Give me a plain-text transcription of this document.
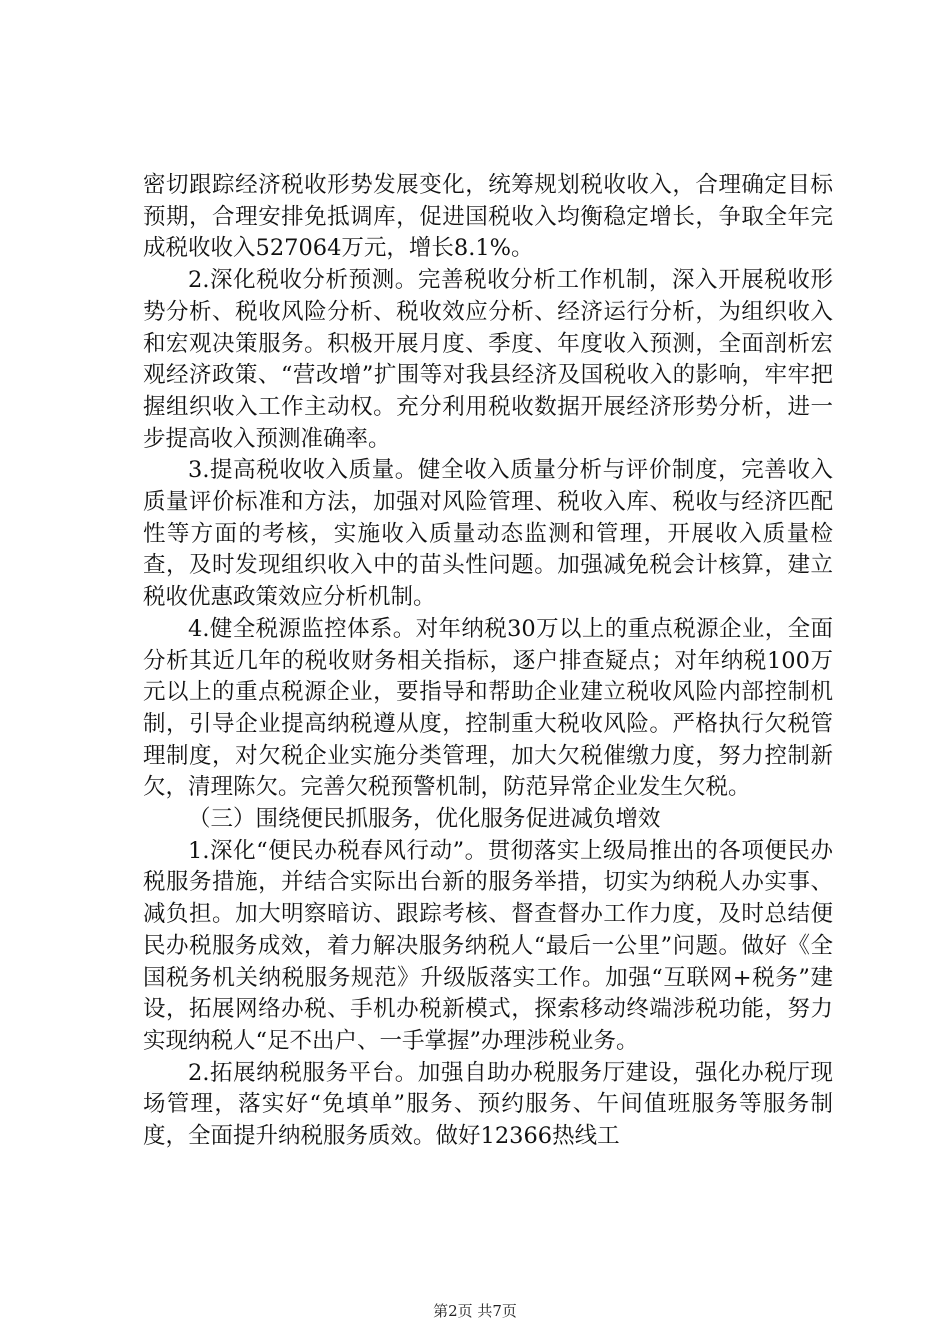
密切跟踪经济税收形势发展变化，统筹规划税收收入，合理确定目标预期，合理安排免抵调库，促进国税收入均衡稳定增长，争取全年完成税收收入527064万元，增长8.1%。

2.深化税收分析预测。完善税收分析工作机制，深入开展税收形势分析、税收风险分析、税收效应分析、经济运行分析，为组织收入和宏观决策服务。积极开展月度、季度、年度收入预测，全面剖析宏观经济政策、“营改增”扩围等对我县经济及国税收入的影响，牢牢把握组织收入工作主动权。充分利用税收数据开展经济形势分析，进一步提高收入预测准确率。

3.提高税收收入质量。健全收入质量分析与评价制度，完善收入质量评价标准和方法，加强对风险管理、税收入库、税收与经济匹配性等方面的考核，实施收入质量动态监测和管理，开展收入质量检查，及时发现组织收入中的苗头性问题。加强减免税会计核算，建立税收优惠政策效应分析机制。

4.健全税源监控体系。对年纳税30万以上的重点税源企业，全面分析其近几年的税收财务相关指标，逐户排查疑点；对年纳税100万元以上的重点税源企业，要指导和帮助企业建立税收风险内部控制机制，引导企业提高纳税遵从度，控制重大税收风险。严格执行欠税管理制度，对欠税企业实施分类管理，加大欠税催缴力度，努力控制新欠，清理陈欠。完善欠税预警机制，防范异常企业发生欠税。

（三）围绕便民抓服务，优化服务促进减负增效

1.深化“便民办税春风行动”。贯彻落实上级局推出的各项便民办税服务措施，并结合实际出台新的服务举措，切实为纳税人办实事、减负担。加大明察暗访、跟踪考核、督查督办工作力度，及时总结便民办税服务成效，着力解决服务纳税人“最后一公里”问题。做好《全国税务机关纳税服务规范》升级版落实工作。加强“互联网+税务”建设，拓展网络办税、手机办税新模式，探索移动终端涉税功能，努力实现纳税人“足不出户、一手掌握”办理涉税业务。

2.拓展纳税服务平台。加强自助办税服务厅建设，强化办税厅现场管理，落实好“免填单”服务、预约服务、午间值班服务等服务制度，全面提升纳税服务质效。做好12366热线工

第2页 共7页
